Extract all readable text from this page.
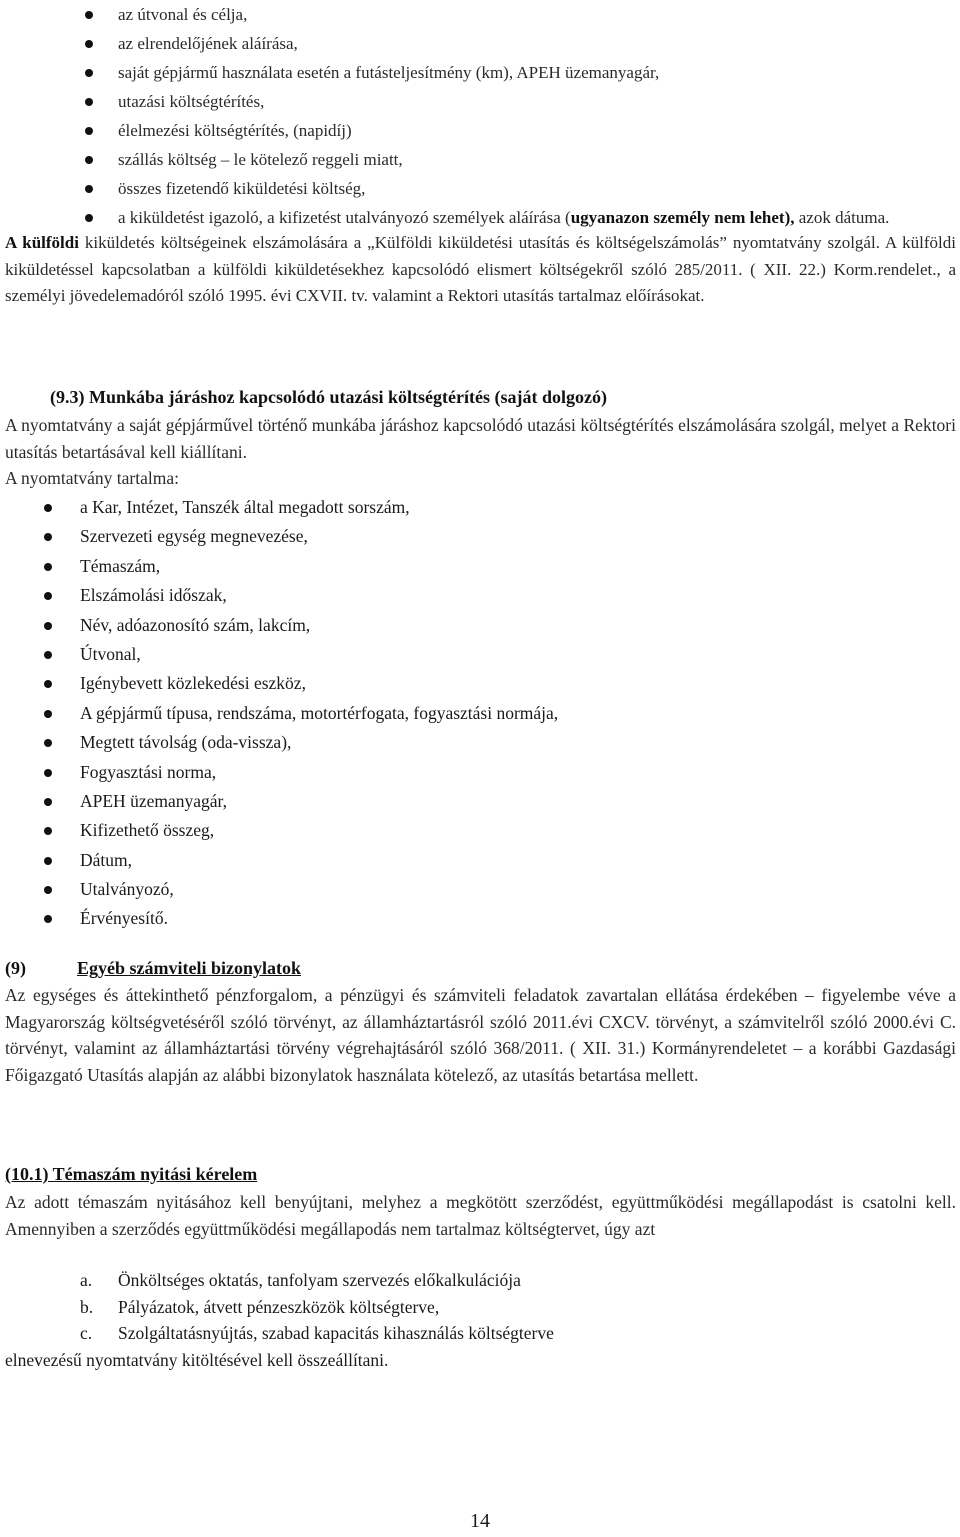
az útvonal és célja,
az elrendelőjének aláírása,
saját gépjármű használata esetén a futásteljesítmény (km), APEH üzemanyagár,
utazási költségtérítés,
élelmezési költségtérítés, (napidíj)
szállás költség – le kötelező reggeli miatt,
összes fizetendő kiküldetési költség,
a kiküldetést igazoló, a kifizetést utalványozó személyek aláírása (ugyanazon személy nem lehet), azok dátuma.

A külföldi kiküldetés költségeinek elszámolására a „Külföldi kiküldetési utasítás és költségelszámolás” nyomtatvány szolgál. A külföldi kiküldetéssel kapcsolatban a külföldi kiküldetésekhez kapcsolódó elismert költségekről szóló 285/2011. ( XII. 22.) Korm.rendelet., a személyi jövedelemadóról szóló 1995. évi CXVII. tv. valamint a Rektori utasítás tartalmaz előírásokat.

(9.3) Munkába járáshoz kapcsolódó utazási költségtérítés (saját dolgozó)

A nyomtatvány a saját gépjárművel történő munkába járáshoz kapcsolódó utazási költségtérítés elszámolására szolgál, melyet a Rektori utasítás betartásával kell kiállítani.
A nyomtatvány tartalma:

a Kar, Intézet, Tanszék által megadott sorszám,
Szervezeti egység megnevezése,
Témaszám,
Elszámolási időszak,
Név, adóazonosító szám, lakcím,
Útvonal,
Igénybevett közlekedési eszköz,
A gépjármű típusa, rendszáma, motortérfogata, fogyasztási normája,
Megtett távolság (oda-vissza),
Fogyasztási norma,
APEH üzemanyagár,
Kifizethető összeg,
Dátum,
Utalványozó,
Érvényesítő.
(9)	Egyéb számviteli bizonylatok

Az egységes és áttekinthető pénzforgalom, a pénzügyi és számviteli feladatok zavartalan ellátása érdekében – figyelembe véve a Magyarország költségvetéséről szóló törvényt, az államháztartásról szóló 2011.évi CXCV. törvényt, a számvitelről szóló 2000.évi C. törvényt, valamint az államháztartási törvény végrehajtásáról szóló 368/2011. ( XII. 31.) Kormányrendeletet – a korábbi Gazdasági Főigazgató Utasítás alapján az alábbi bizonylatok használata kötelező, az utasítás betartása mellett.

(10.1) Témaszám nyitási kérelem

Az adott témaszám nyitásához kell benyújtani, melyhez a megkötött szerződést, együttműködési megállapodást is csatolni kell. Amennyiben a szerződés együttműködési megállapodás nem tartalmaz költségtervet, úgy azt

a. Önköltséges oktatás, tanfolyam szervezés előkalkulációja
b. Pályázatok, átvett pénzeszközök költségterve,
c. Szolgáltatásnyújtás, szabad kapacitás kihasználás költségterve

elnevezésű nyomtatvány kitöltésével kell összeállítani.

14
